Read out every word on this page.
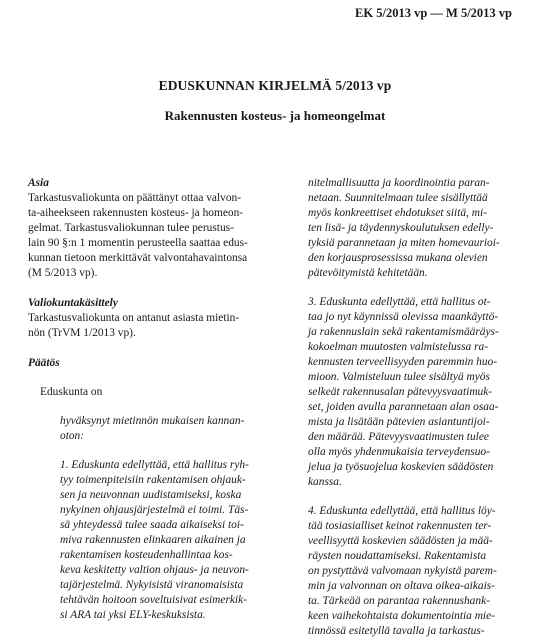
EK 5/2013 vp — M 5/2013 vp
EDUSKUNNAN KIRJELMÄ 5/2013 vp
Rakennusten kosteus- ja homeongelmat

Asia

Tarkastusvaliokunta on päättänyt ottaa valvon-
ta-aiheekseen rakennusten kosteus- ja homeon-
gelmat. Tarkastusvaliokunnan tulee perustus-
lain 90 §:n 1 momentin perusteella saattaa edus-
kunnan tietoon merkittävät valvontahavaintonsa
(M 5/2013 vp).

Valiokuntakäsittely

Tarkastusvaliokunta on antanut asiasta mietin-
nön (TrVM 1/2013 vp).

Päätös

Eduskunta on

hyväksynyt mietinnön mukaisen kannan-
oton:
1. Eduskunta edellyttää, että hallitus ryh-
tyy toimenpiteisiin rakentamisen ohjauk-
sen ja neuvonnan uudistamiseksi, koska
nykyinen ohjausjärjestelmä ei toimi. Täs-
sä yhteydessä tulee saada aikaiseksi toi-
miva rakennusten elinkaaren aikainen ja
rakentamisen kosteudenhallintaa kos-
keva keskitetty valtion ohjaus- ja neuvon-
tajärjestelmä. Nykyisistä viranomaisista
tehtävän hoitoon soveltuisivat esimerkik-
si ARA tai yksi ELY-keskuksista.
nitelmallisuutta ja koordinointia paran-
netaan. Suunnitelmaan tulee sisällyttää
myös konkreettiset ehdotukset siitä, mi-
ten lisä- ja täydennyskoulutuksen edelly-
tyksiä parannetaan ja miten homevaurioi-
den korjausprosessissa mukana olevien
pätevöitymistä kehitetään.
3. Eduskunta edellyttää, että hallitus ot-
taa jo nyt käynnissä olevissa maankäyttö-
ja rakennuslain sekä rakentamismääräys-
kokoelman muutosten valmistelussa ra-
kennusten terveellisyyden paremmin huo-
mioon. Valmisteluun tulee sisältyä myös
selkeät rakennusalan pätevyysvaatimuk-
set, joiden avulla parannetaan alan osaa-
mista ja lisätään pätevien asiantuntijoi-
den määrää. Pätevyysvaatimusten tulee
olla myös yhdenmukaisia terveydensuo-
jelua ja työsuojelua koskevien säädösten
kanssa.
4. Eduskunta edellyttää, että hallitus löy-
tää tosiasialliset keinot rakennusten ter-
veellisyyttä koskevien säädösten ja mää-
räysten noudattamiseksi. Rakentamista
on pystyttävä valvomaan nykyistä parem-
min ja valvonnan on oltava oikea-aikais-
ta. Tärkeää on parantaa rakennushank-
keen vaihekohtaista dokumentointia mie-
tinnössä esitetyllä tavalla ja tarkastus-
